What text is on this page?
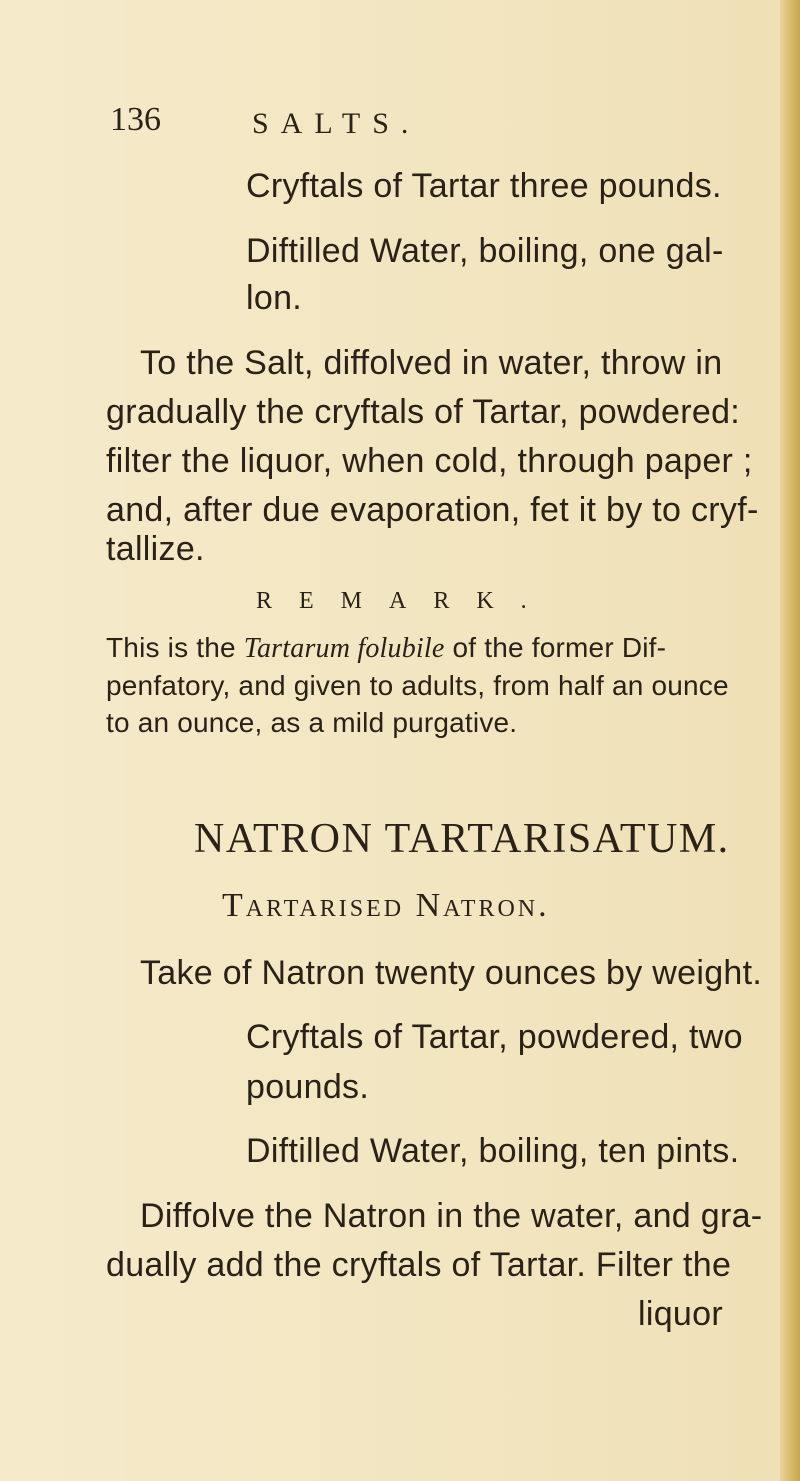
136	SALTS.
Cryftals of Tartar three pounds.
Diftilled Water, boiling, one gal-
lon.
To the Salt, diffolved in water, throw in
gradually the cryftals of Tartar, powdered:
filter the liquor, when cold, through paper ;
and, after due evaporation, fet it by to cryf-
tallize.
REMARK.
This is the Tartarum folubile of the former Dif-
penfatory, and given to adults, from half an ounce
to an ounce, as a mild purgative.
NATRON TARTARISATUM.
Tartarised Natron.
Take of Natron twenty ounces by weight.
Cryftals of Tartar, powdered, two
pounds.
Diftilled Water, boiling, ten pints.
Diffolve the Natron in the water, and gra-
dually add the cryftals of Tartar. Filter the
liquor
